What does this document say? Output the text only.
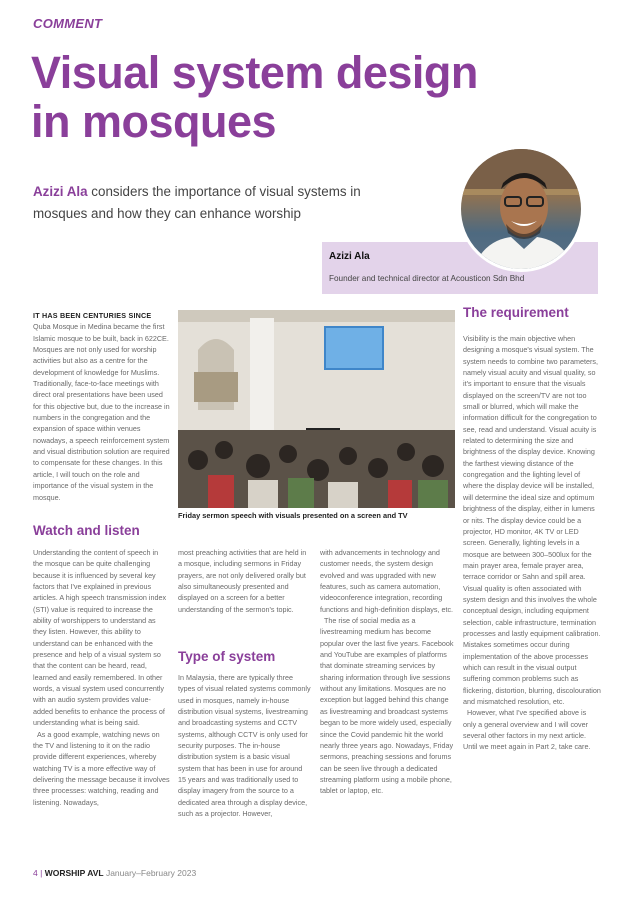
COMMENT
Visual system design in mosques
Azizi Ala considers the importance of visual systems in mosques and how they can enhance worship
Azizi Ala
Founder and technical director at Acousticon Sdn Bhd

IT HAS BEEN CENTURIES SINCE Quba Mosque in Medina became the first Islamic mosque to be built, back in 622CE. Mosques are not only used for worship activities but also as a centre for the development of knowledge for Muslims. Traditionally, face-to-face meetings with direct oral presentations have been used for this objective but, due to the increase in numbers in the congregation and the expansion of space within venues nowadays, a speech reinforcement system and visual distribution solution are required to compensate for these changes. In this article, I will touch on the role and importance of the visual system in the mosque.

Watch and listen

Understanding the content of speech in the mosque can be quite challenging because it is influenced by several key factors that I've explained in previous articles. A high speech transmission index (STI) value is required to increase the ability of worshippers to understand as they listen. However, this ability to understand can be enhanced with the presence and help of a visual system so that the content can be heard, read, learned and easily remembered. In other words, a visual system used concurrently with an audio system provides value-added benefits to enhance the process of understanding what is being said.

As a good example, watching news on the TV and listening to it on the radio provide different experiences, whereby watching TV is a more effective way of delivering the message because it involves three processes: watching, reading and listening. Nowadays,

Friday sermon speech with visuals presented on a screen and TV

most preaching activities that are held in a mosque, including sermons in Friday prayers, are not only delivered orally but also simultaneously presented and displayed on a screen for a better understanding of the sermon's topic.

Type of system

In Malaysia, there are typically three types of visual related systems commonly used in mosques, namely in-house distribution visual systems, livestreaming and broadcasting systems and CCTV systems, although CCTV is only used for security purposes. The in-house distribution system is a basic visual system that has been in use for around 15 years and was traditionally used to display imagery from the source to a dedicated area through a display device, such as a projector. However,

with advancements in technology and customer needs, the system design evolved and was upgraded with new features, such as camera automation, videoconference integration, recording functions and high-definition displays, etc.

The rise of social media as a livestreaming medium has become popular over the last five years. Facebook and YouTube are examples of platforms that dominate streaming services by sharing information through live sessions without any limitations. Mosques are no exception but lagged behind this change as livestreaming and broadcast systems began to be more widely used, especially since the Covid pandemic hit the world nearly three years ago. Nowadays, Friday sermons, preaching sessions and forums can be seen live through a dedicated streaming platform using a mobile phone, tablet or laptop, etc.

The requirement

Visibility is the main objective when designing a mosque's visual system. The system needs to combine two parameters, namely visual acuity and visual quality, so it's important to ensure that the visuals displayed on the screen/TV are not too small or blurred, which will make the information difficult for the congregation to see, read and understand. Visual acuity is related to determining the size and brightness of the display device. Knowing the farthest viewing distance of the congregation and the lighting level of where the display device will be installed, will determine the ideal size and optimum brightness of the display, either in lumens or nits. The display device could be a projector, HD monitor, 4K TV or LED screen. Generally, lighting levels in a mosque are between 300–500lux for the main prayer area, female prayer area, terrace corridor or Sahn and spill area. Visual quality is often associated with system design and this involves the whole conceptual design, including equipment selection, cable infrastructure, termination processes and lastly equipment calibration. Mistakes sometimes occur during implementation of the above processes which can result in the visual output suffering common problems such as flickering, distortion, blurring, discolouration and mismatched resolution, etc.

However, what I've specified above is only a general overview and I will cover several other factors in my next article. Until we meet again in Part 2, take care.

4 | WORSHIP AVL January–February 2023
